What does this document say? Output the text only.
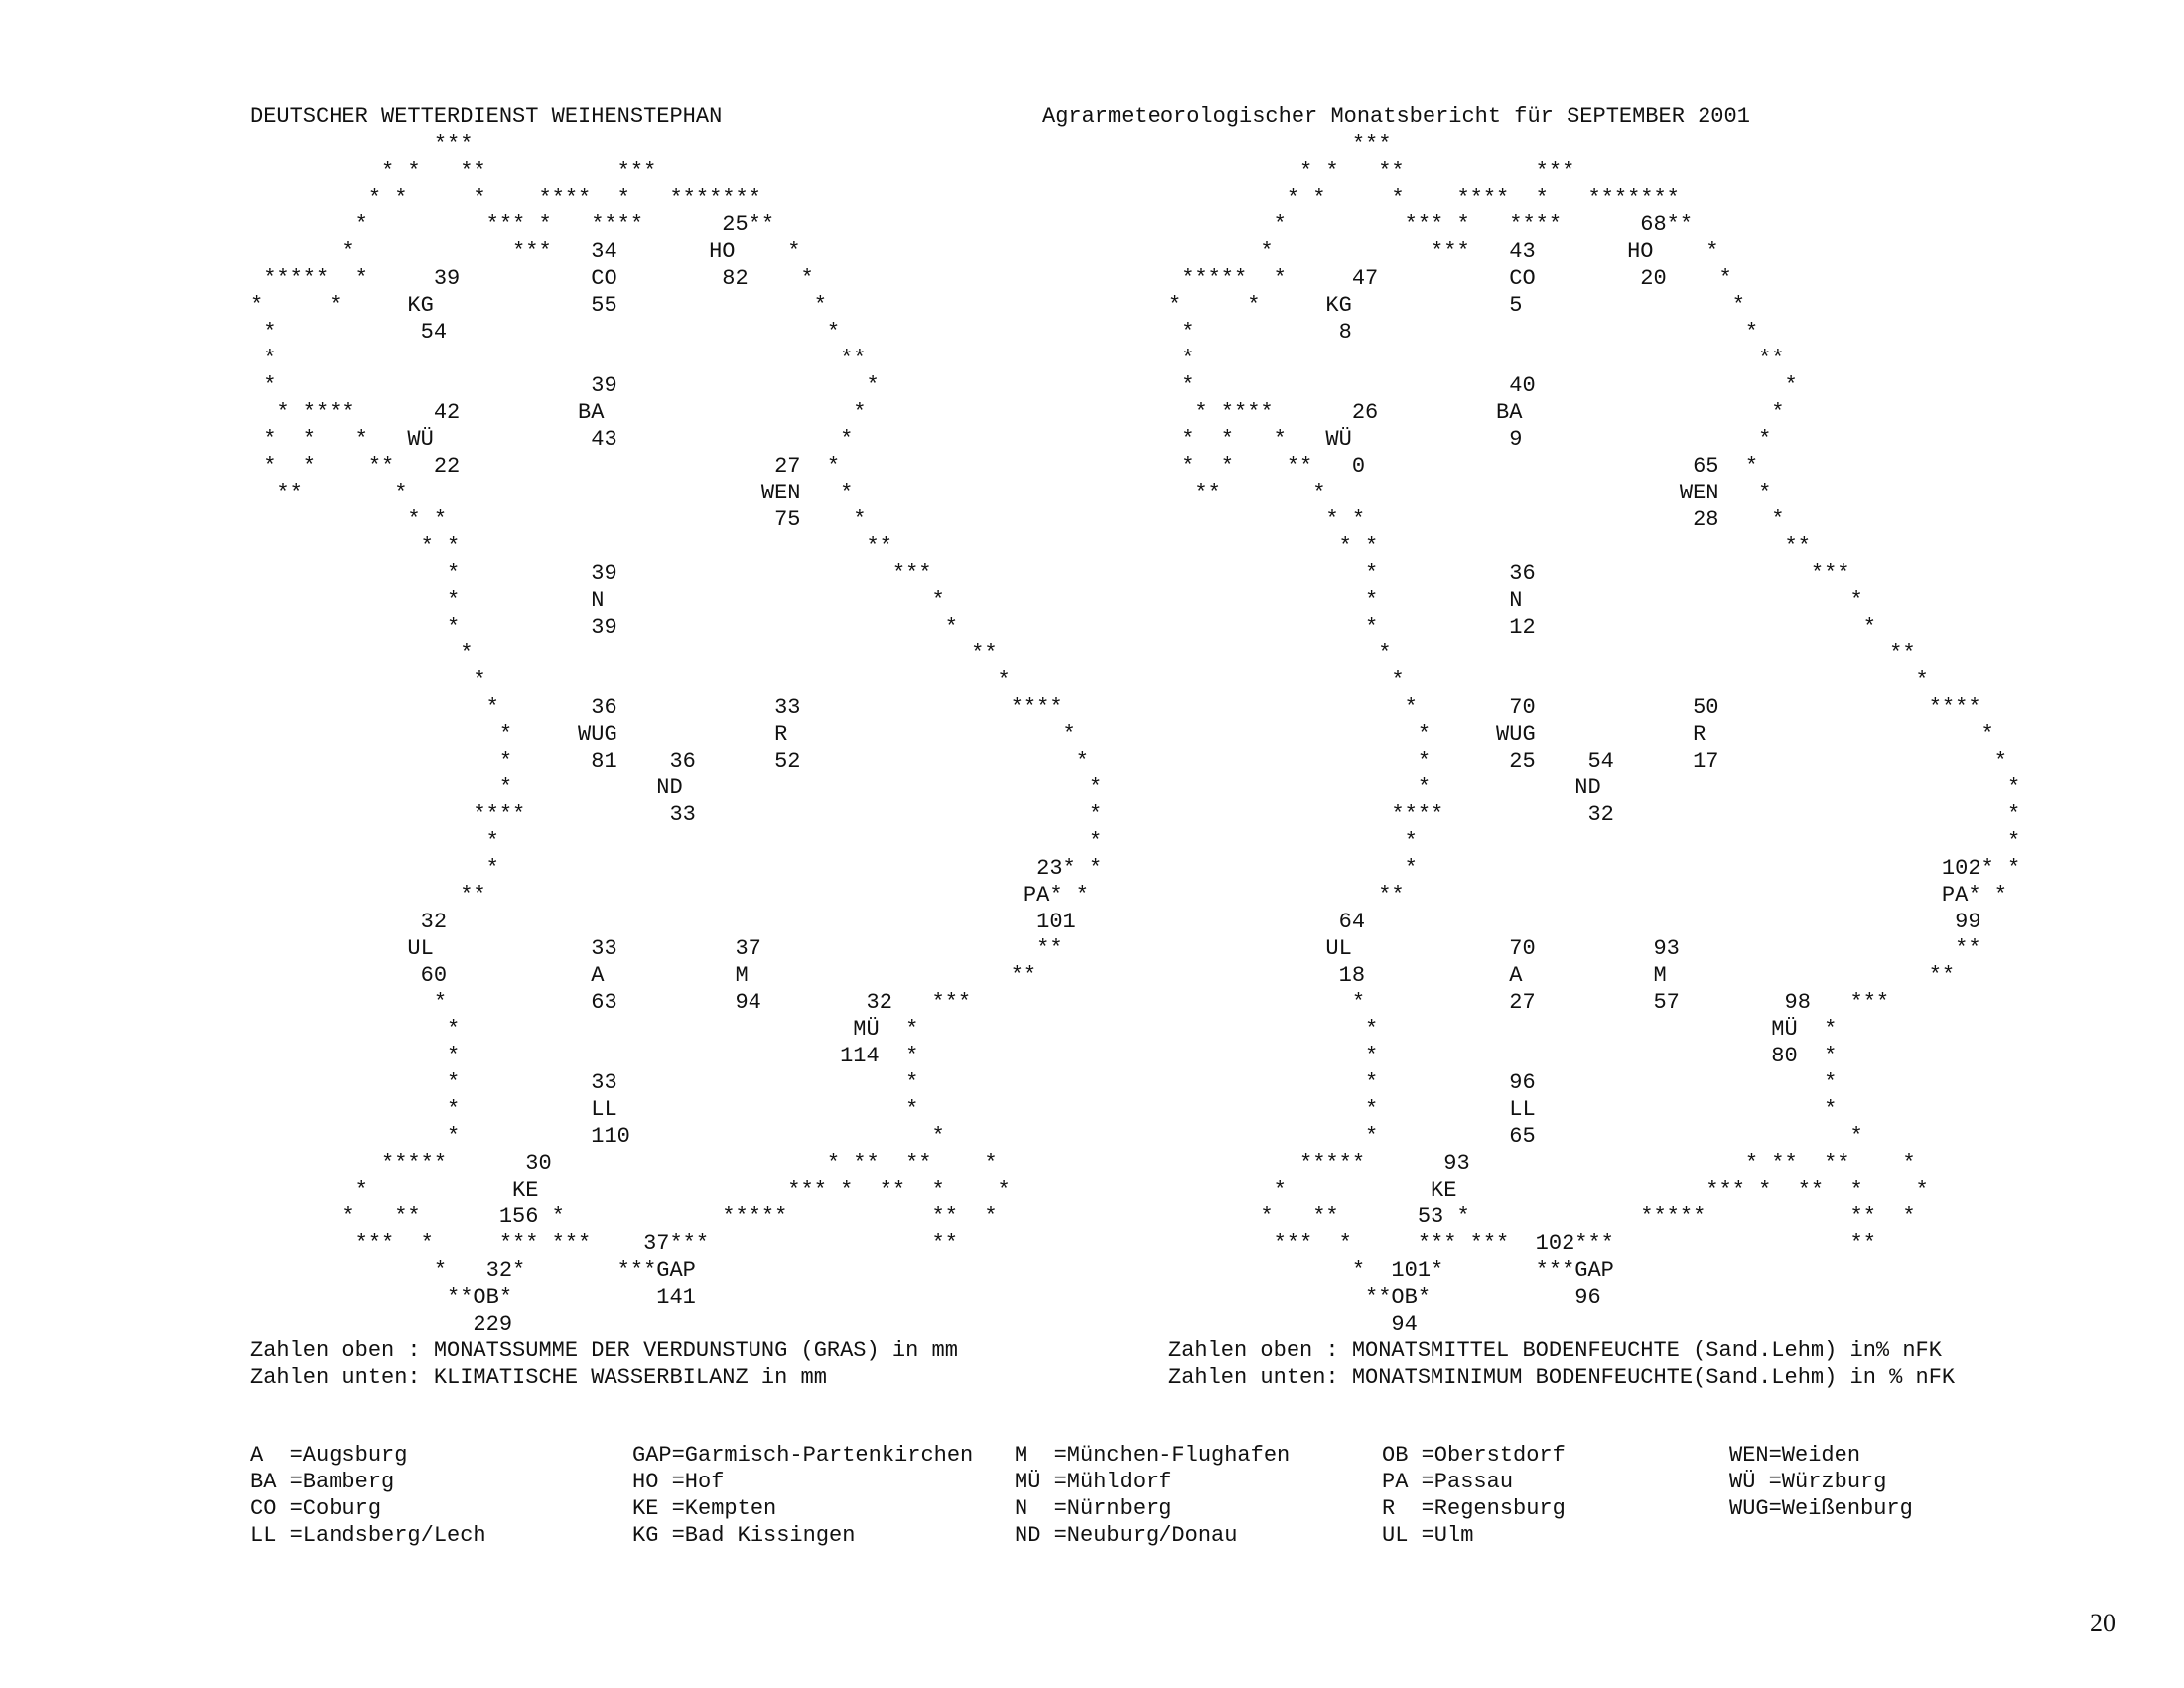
DEUTSCHER WETTERDIENST WEIHENSTEPHAN	Agrarmeteorologischer Monatsbericht für SEPTEMBER 2001
***
* *   **          ***
* *     *    ****  *   *******
*         *** *   ****      25**
*            ***   34       HO    *
*****  *     39          CO        82    *
*     *     KG            55               *
*           54                             *
*                                           **
*                        39                   *
* ****      42         BA                   *
*  *   *   WÜ            43                 *
*  *    **   22                        27  *
**       *                           WEN   *
* *                         75    *
* *                               **
*          39                     ***
*          N                         *
*          39                         *
*                                      **
*                                       *
*       36            33                ****
*     WUG            R                     *
*      81    36      52                     *
*           ND                               *
****           33                              *
*                                             *
*                                         23* *
**                                         PA* *
32                                             101
UL            33         37                     **
60           A          M                    **
*           63         94        32   ***
*                              MÜ  *
*                             114  *
*          33                      *
*          LL                      *
*          110                       *
*****      30                     * **  **    *
*           KE                   *** *  **  *    *
*   **      156 *            *****           **  *
***  *     *** ***    37***                 **
*   32*       ***GAP
**OB*           141
229
Zahlen oben : MONATSSUMME DER VERDUNSTUNG (GRAS) in mm
Zahlen unten: KLIMATISCHE WASSERBILANZ in mm
***
* *   **          ***
* *     *    ****  *   *******
*         *** *   ****      68**
*            ***   43       HO    *
*****  *     47          CO        20    *
*     *     KG            5                *
*           8                              *
*                                           **
*                        40                   *
* ****      26         BA                   *
*  *   *   WÜ            9                  *
*  *    **   0                         65  *
**       *                           WEN   *
* *                         28    *
* *                               **
*          36                     ***
*          N                         *
*          12                         *
*                                      **
*                                       *
*       70            50                ****
*     WUG            R                     *
*      25    54      17                     *
*           ND                               *
****           32                              *
*                                             *
*                                        102* *
**                                         PA* *
64                                             99
UL            70         93                     **
18           A          M                    **
*           27         57        98   ***
*                              MÜ  *
*                              80  *
*          96                      *
*          LL                      *
*          65                        *
*****      93                     * **  **    *
*           KE                   *** *  **  *    *
*   **      53 *             *****           **  *
***  *     *** ***  102***                  **
*  101*       ***GAP
**OB*           96
94
Zahlen oben : MONATSMITTEL BODENFEUCHTE (Sand.Lehm) in% nFK
Zahlen unten: MONATSMINIMUM BODENFEUCHTE(Sand.Lehm) in % nFK
A  =Augsburg	GAP=Garmisch-Partenkirchen	M  =München-Flughafen	OB =Oberstdorf	WEN=Weiden
BA =Bamberg	HO =Hof	MÜ =Mühldorf	PA =Passau	WÜ =Würzburg
CO =Coburg	KE =Kempten	N  =Nürnberg	R  =Regensburg	WUG=Weißenburg
LL =Landsberg/Lech	KG =Bad Kissingen	ND =Neuburg/Donau	UL =Ulm
20
